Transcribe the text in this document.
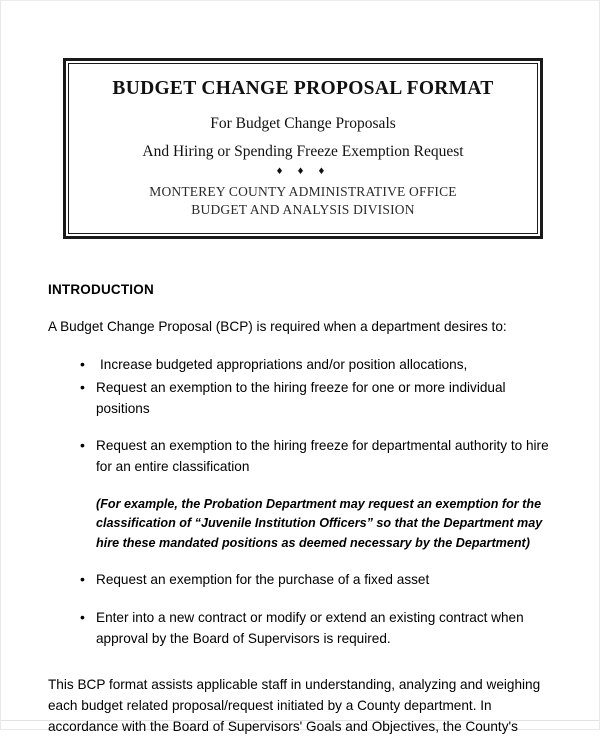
BUDGET CHANGE PROPOSAL FORMAT
For Budget Change Proposals
And Hiring or Spending Freeze Exemption Request
♦ ♦ ♦
MONTEREY COUNTY ADMINISTRATIVE OFFICE
BUDGET AND ANALYSIS DIVISION
INTRODUCTION

A Budget Change Proposal (BCP) is required when a department desires to:

• Increase budgeted appropriations and/or position allocations,
• Request an exemption to the hiring freeze for one or more individual positions
• Request an exemption to the hiring freeze for departmental authority to hire for an entire classification

(For example, the Probation Department may request an exemption for the classification of “Juvenile Institution Officers” so that the Department may hire these mandated positions as deemed necessary by the Department)

• Request an exemption for the purchase of a fixed asset
• Enter into a new contract or modify or extend an existing contract when approval by the Board of Supervisors is required.

This BCP format assists applicable staff in understanding, analyzing and weighing each budget related proposal/request initiated by a County department. In accordance with the Board of Supervisors' Goals and Objectives, the County's
